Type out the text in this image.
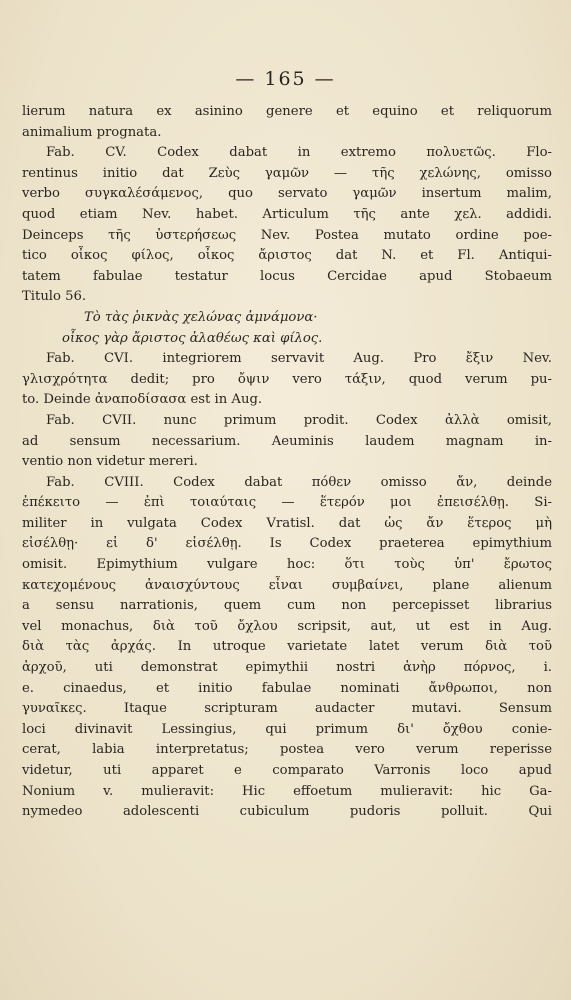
— 165 —
lierum natura ex asinino genere et equino et reliquorum
animalium prognata.
Fab. CV. Codex dabat in extremo πολυετῶς. Flo-
rentinus initio dat Ζεὺς γαμῶν — τῆς χελώνης, omisso
verbo συγκαλέσάμενος, quo servato γαμῶν insertum malim,
quod etiam Nev. habet. Articulum τῆς ante χελ. addidi.
Deinceps τῆς ὑστερήσεως Nev. Postea mutato ordine poe-
tico οἶκος φίλος, οἶκος ἄριστος dat N. et Fl. Antiqui-
tatem fabulae testatur locus Cercidae apud Stobaeum
Titulo 56.
Τὸ τὰς ῥικνὰς χελώνας ἀμνάμονα·
οἶκος γὰρ ἄριστος ἀλαθέως καὶ φίλος.
Fab. CVI. integriorem servavit Aug. Pro ἔξιν Nev.
γλισχρότητα dedit; pro ὄψιν vero τάξιν, quod verum pu-
to. Deinde ἀναποδίσασα est in Aug.
Fab. CVII. nunc primum prodit. Codex ἀλλὰ omisit,
ad sensum necessarium. Aeuminis laudem magnam in-
ventio non videtur mereri.
Fab. CVIII. Codex dabat πόθεν omisso ἄν, deinde
ἐπέκειτο — ἐπὶ τοιαύταις — ἕτερόν μοι ἐπεισέλθῃ. Si-
militer in vulgata Codex Vratisl. dat ὡς ἄν ἕτερος μὴ
εἰσέλθῃ· εἰ δ' εἰσέλθῃ. Is Codex praeterea epimythium
omisit. Epimythium vulgare hoc: ὅτι τοὺς ὑπ' ἔρωτος
κατεχομένους ἀναισχύντους εἶναι συμβαίνει, plane alienum
a sensu narrationis, quem cum non percepisset librarius
vel monachus, διὰ τοῦ ὄχλου scripsit, aut, ut est in Aug.
διὰ τὰς ἀρχάς. In utroque varietate latet verum διὰ τοῦ
ἀρχοῦ, uti demonstrat epimythii nostri ἀνὴρ πόρνος, i.
e. cinaedus, et initio fabulae nominati ἄνθρωποι, non
γυναῖκες. Itaque scripturam audacter mutavi. Sensum
loci divinavit Lessingius, qui primum δι' ὄχθου conie-
cerat, labia interpretatus; postea vero verum reperisse
videtur, uti apparet e comparato Varronis loco apud
Nonium v. mulieravit: Hic effoetum mulieravit: hic Ga-
nymedeo adolescenti cubiculum pudoris polluit. Qui
